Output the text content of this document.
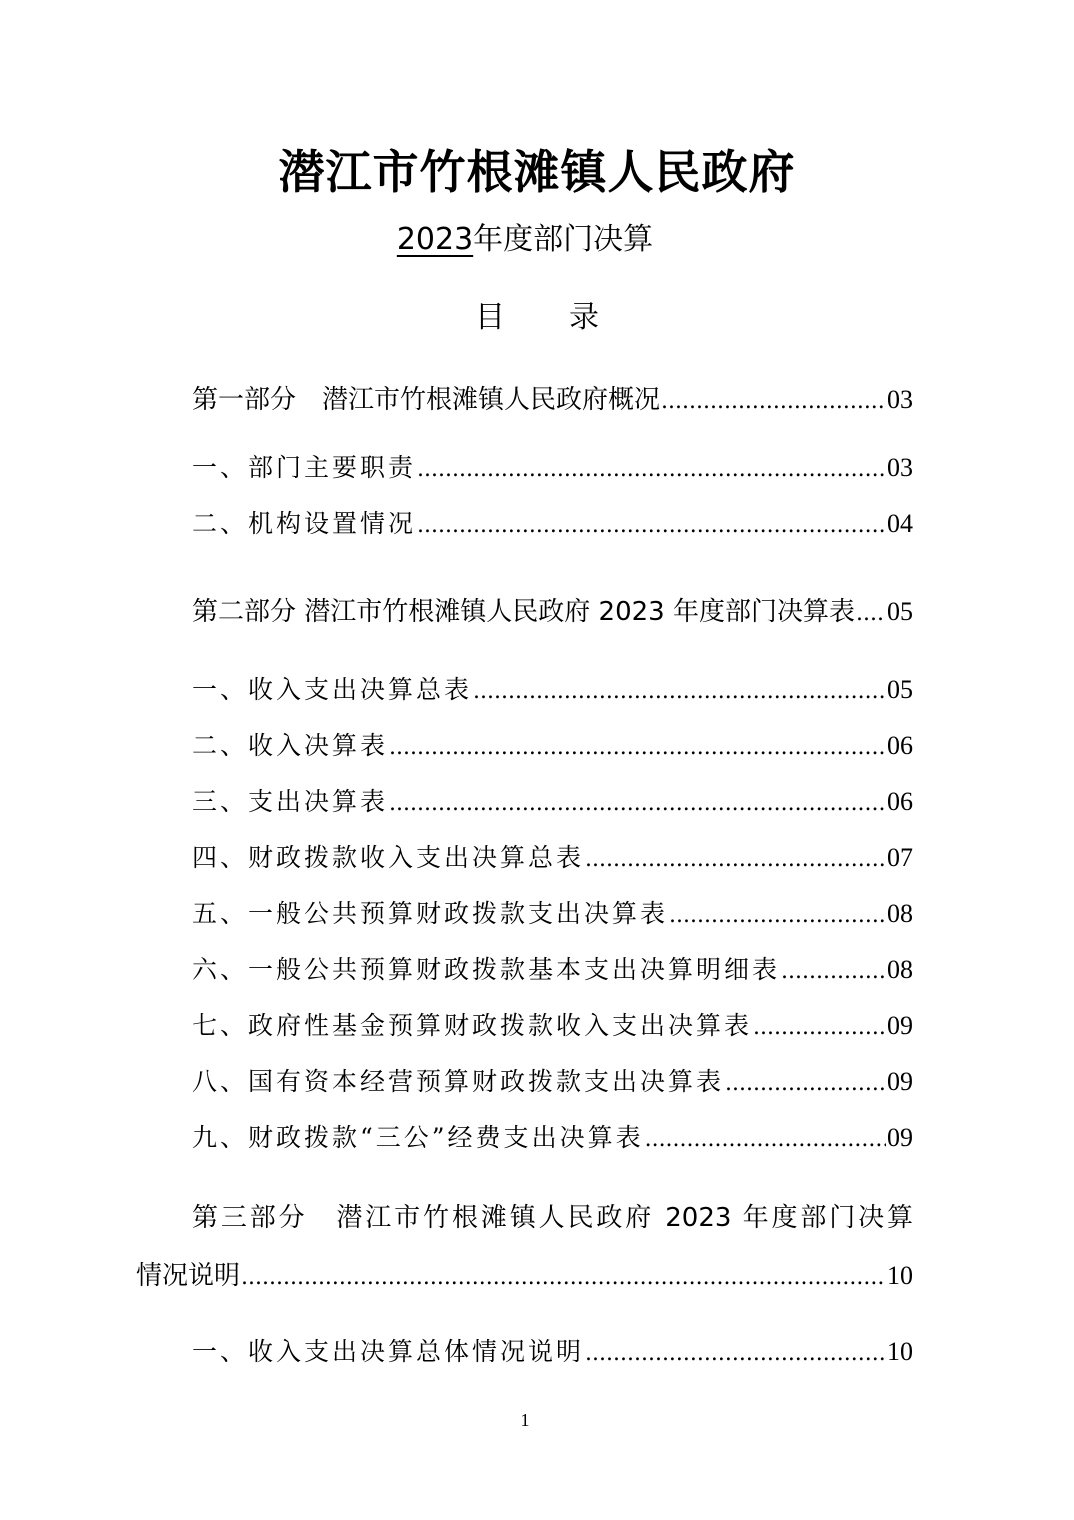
潜江市竹根滩镇人民政府
2023年度部门决算
目 录
第一部分　潜江市竹根滩镇人民政府概况 .....	03
一、部门主要职责 .....	03
二、机构设置情况 .....	04
第二部分 潜江市竹根滩镇人民政府 2023 年度部门决算表 ..... 05
一、收入支出决算总表 .....	05
二、收入决算表 .....	06
三、支出决算表 .....	06
四、财政拨款收入支出决算总表 .....	07
五、一般公共预算财政拨款支出决算表 .....	08
六、一般公共预算财政拨款基本支出决算明细表 .....	08
七、政府性基金预算财政拨款收入支出决算表 .....	09
八、国有资本经营预算财政拨款支出决算表 .....	09
九、财政拨款“三公”经费支出决算表 .....	09
第三部分　潜江市竹根滩镇人民政府 2023 年度部门决算
情况说明 .....	10
一、收入支出决算总体情况说明 .....	10
1
